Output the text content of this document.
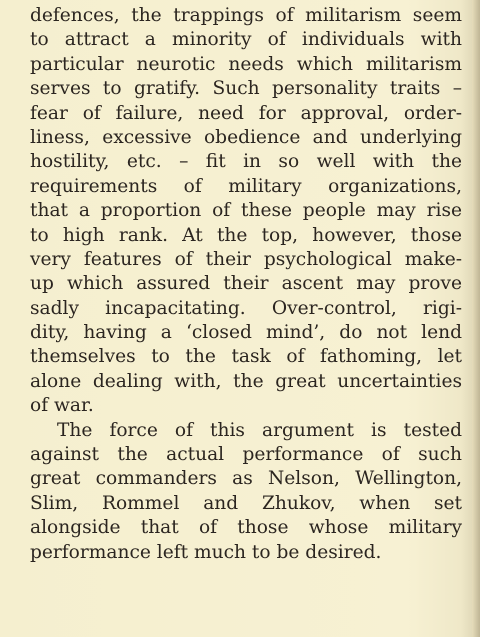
defences, the trappings of militarism seem
to attract a minority of individuals with
particular neurotic needs which militarism
serves to gratify. Such personality traits –
fear of failure, need for approval, order-
liness, excessive obedience and underlying
hostility, etc. – fit in so well with the
requirements of military organizations,
that a proportion of these people may rise
to high rank. At the top, however, those
very features of their psychological make-
up which assured their ascent may prove
sadly incapacitating. Over-control, rigi-
dity, having a ‘closed mind’, do not lend
themselves to the task of fathoming, let
alone dealing with, the great uncertainties
of war.
The force of this argument is tested
against the actual performance of such
great commanders as Nelson, Wellington,
Slim, Rommel and Zhukov, when set
alongside that of those whose military
performance left much to be desired.
